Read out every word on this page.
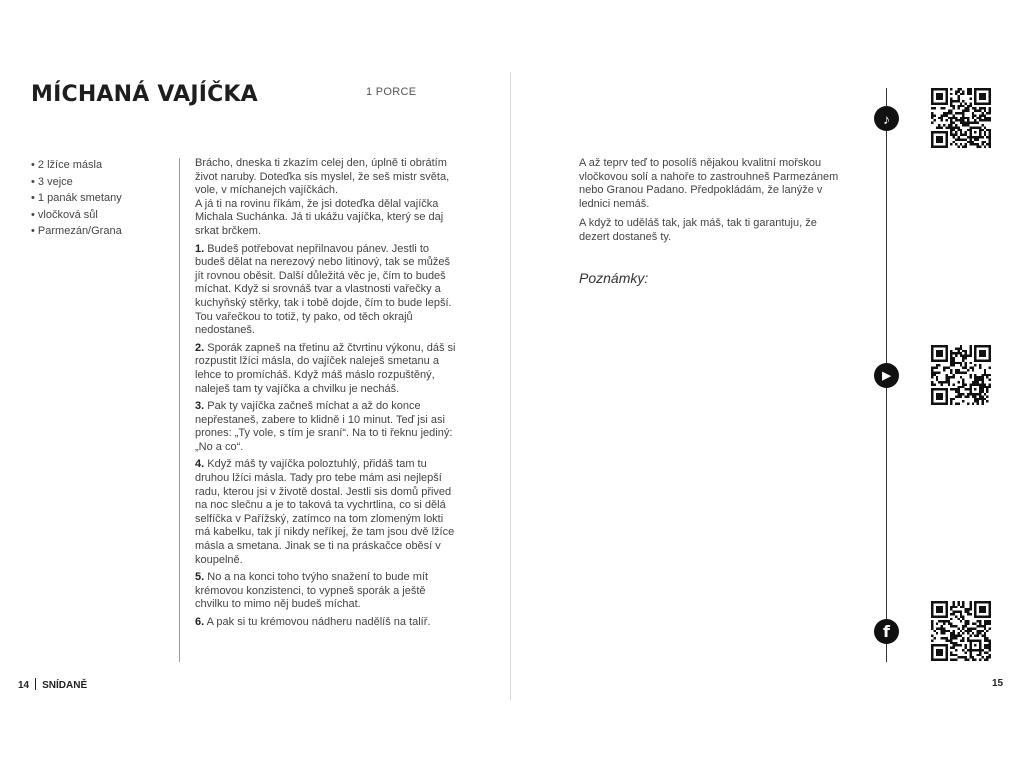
MÍCHANÁ VAJÍČKA	1 PORCE
• 2 lžíce másla
• 3 vejce
• 1 panák smetany
• vločková sůl
• Parmezán/Grana

Brácho, dneska ti zkazím celej den, úplně ti obrátím život naruby. Doteďka sis myslel, že seš mistr světa, vole, v míchanejch vajíčkách.
A já ti na rovinu říkám, že jsi doteďka dělal vajíčka Michala Suchánka. Já ti ukážu vajíčka, který se daj srkat brčkem.

1. Budeš potřebovat nepřilnavou pánev. Jestli to budeš dělat na nerezový nebo litinový, tak se můžeš jít rovnou oběsit. Další důležitá věc je, čím to budeš míchat. Když si srovnáš tvar a vlastnosti vařečky a kuchyňský stěrky, tak i tobě dojde, čím to bude lepší. Tou vařečkou to totiž, ty pako, od těch okrajů nedostaneš.

2. Sporák zapneš na třetinu až čtvrtinu výkonu, dáš si rozpustit lžíci másla, do vajíček naleješ smetanu a lehce to promícháš. Když máš máslo rozpuštěný, naleješ tam ty vajíčka a chvilku je necháš.

3. Pak ty vajíčka začneš míchat a až do konce nepřestaneš, zabere to klidně i 10 minut. Teď jsi asi prones: „Ty vole, s tím je sraní“. Na to ti řeknu jediný: „No a co“.

4. Když máš ty vajíčka poloztuhlý, přidáš tam tu druhou lžíci másla. Tady pro tebe mám asi nejlepší radu, kterou jsi v životě dostal. Jestli sis domů přived na noc slečnu a je to taková ta vychrtlina, co si dělá selfíčka v Pařížský, zatímco na tom zlomeným lokti má kabelku, tak jí nikdy neříkej, že tam jsou dvě lžíce másla a smetana. Jinak se ti na práskačce oběsí v koupelně.

5. No a na konci toho tvýho snažení to bude mít krémovou konzistenci, to vypneš sporák a ještě chvilku to mimo něj budeš míchat.

6. A pak si tu krémovou nádheru nadělíš na talíř.

14 SNÍDANĚ

A až teprv teď to posolíš nějakou kvalitní mořskou vločkovou solí a nahoře to zastrouhneš Parmezánem nebo Granou Padano. Předpokládám, že lanýže v lednici nemáš.

A když to uděláš tak, jak máš, tak ti garantuju, že dezert dostaneš ty.

Poznámky:
15
♪
▶
f
